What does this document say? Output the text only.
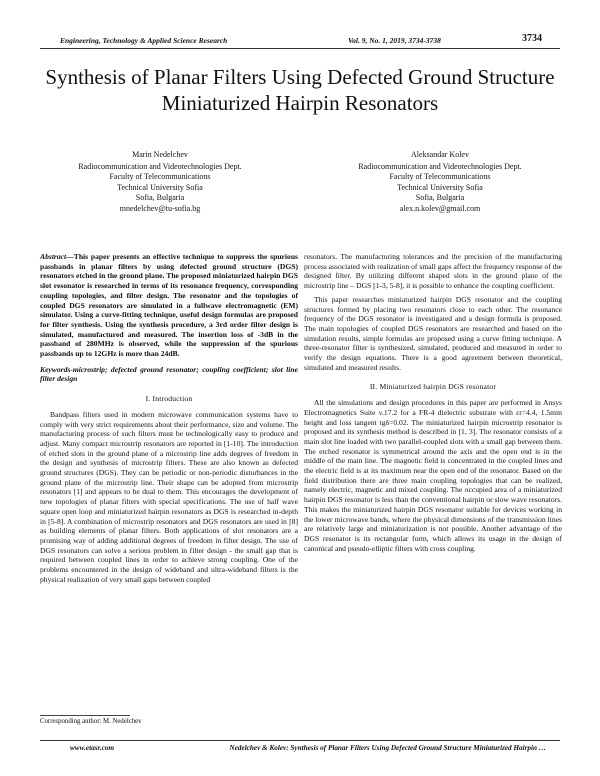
Engineering, Technology & Applied Science Research	Vol. 9, No. 1, 2019, 3734-3738	3734
Synthesis of Planar Filters Using Defected Ground Structure Miniaturized Hairpin Resonators
Marin Nedelchev
Radiocommunication and Videotechnologies Dept.
Faculty of Telecommunications
Technical University Sofia
Sofia, Bulgaria
mnedelchev@tu-sofia.bg
Aleksandar Kolev
Radiocommunication and Videotechnologies Dept.
Faculty of Telecommunications
Technical University Sofia
Sofia, Bulgaria
alex.n.kolev@gmail.com

Abstract—This paper presents an effective technique to suppress the spurious passbands in planar filters by using defected ground structure (DGS) resonators etched in the ground plane. The proposed miniaturized hairpin DGS slot resonator is researched in terms of its resonance frequency, corresponding coupling topologies, and filter design. The resonator and the topologies of coupled DGS resonators are simulated in a fullwave electromagnetic (EM) simulator. Using a curve-fitting technique, useful design formulas are proposed for filter synthesis. Using the synthesis procedure, a 3rd order filter design is simulated, manufactured and measured. The insertion loss of -3dB in the passband of 280MHz is observed, while the suppression of the spurious passbands up to 12GHz is more than 24dB.

Keywords-microstrip; defected ground resonator; coupling coefficient; slot line filter design

I. Introduction

Bandpass filters used in modern microwave communication systems have to comply with very strict requirements about their performance, size and volume. The manufacturing process of such filters must be technologically easy to produce and adjust. Many compact microstrip resonators are reported in [1-10]. The introduction of etched slots in the ground plane of a microstrip line adds degrees of freedom in the design and synthesis of microstrip filters. These are also known as defected ground structures (DGS). They can be periodic or non-periodic disturbances in the ground plane of the microstrip line. Their shape can be adopted from microstrip resonators [1] and appears to be dual to them. This encourages the development of new topologies of planar filters with special specifications. The use of half wave square open loop and miniaturized hairpin resonators as DGS is researched in-depth in [5-8]. A combination of microstrip resonators and DGS resonators are used in [8] as building elements of planar filters. Both applications of slot resonators are a promising way of adding additional degrees of freedom in filter design. The use of DGS resonators can solve a serious problem in filter design - the small gap that is required between coupled lines in order to achieve strong coupling. One of the problems encountered in the design of wideband and ultra-wideband filters is the physical realization of very small gaps between coupled

resonators. The manufacturing tolerances and the precision of the manufacturing process associated with realization of small gaps affect the frequency response of the designed filter. By utilizing different shaped slots in the ground plane of the microstrip line – DGS [1-3, 5-8], it is possible to enhance the coupling coefficient.

This paper researches miniaturized hairpin DGS resonator and the coupling structures formed by placing two resonators close to each other. The resonance frequency of the DGS resonator is investigated and a design formula is proposed. The main topologies of coupled DGS resonators are researched and based on the simulation results, simple formulas are proposed using a curve fitting technique. A three-resonator filter is synthesized, simulated, produced and measured in order to verify the design equations. There is a good agreement between theoretical, simulated and measured results.

II. Miniaturized hairpin DGS resonator

All the simulations and design procedures in this paper are performed in Ansys Electromagnetics Suite v.17.2 for a FR-4 dielectric substrate with εr=4.4, 1.5mm height and loss tangent tgδ=0.02. The miniaturized hairpin microstrip resonator is proposed and its synthesis method is described in [1, 3]. The resonator consists of a main slot line loaded with two parallel-coupled slots with a small gap between them. The etched resonator is symmetrical around the axis and the open end is in the middle of the main line. The magnetic field is concentrated in the coupled lines and the electric field is at its maximum near the open end of the resonator. Based on the field distribution there are three main coupling topologies that can be realized, namely electric, magnetic and mixed coupling. The occupied area of a miniaturized hairpin DGS resonator is less than the conventional hairpin or slow wave resonators. This makes the miniaturized hairpin DGS resonator suitable for devices working in the lower microwave bands, where the physical dimensions of the transmission lines are relatively large and miniaturization is not possible. Another advantage of the DGS resonator is its rectangular form, which allows its usage in the design of canonical and pseudo-elliptic filters with cross coupling.

Corresponding author: M. Nedelchev
www.etasr.com	Nedelchev & Kolev: Synthesis of Planar Filters Using Defected Ground Structure Miniaturized Hairpin …
